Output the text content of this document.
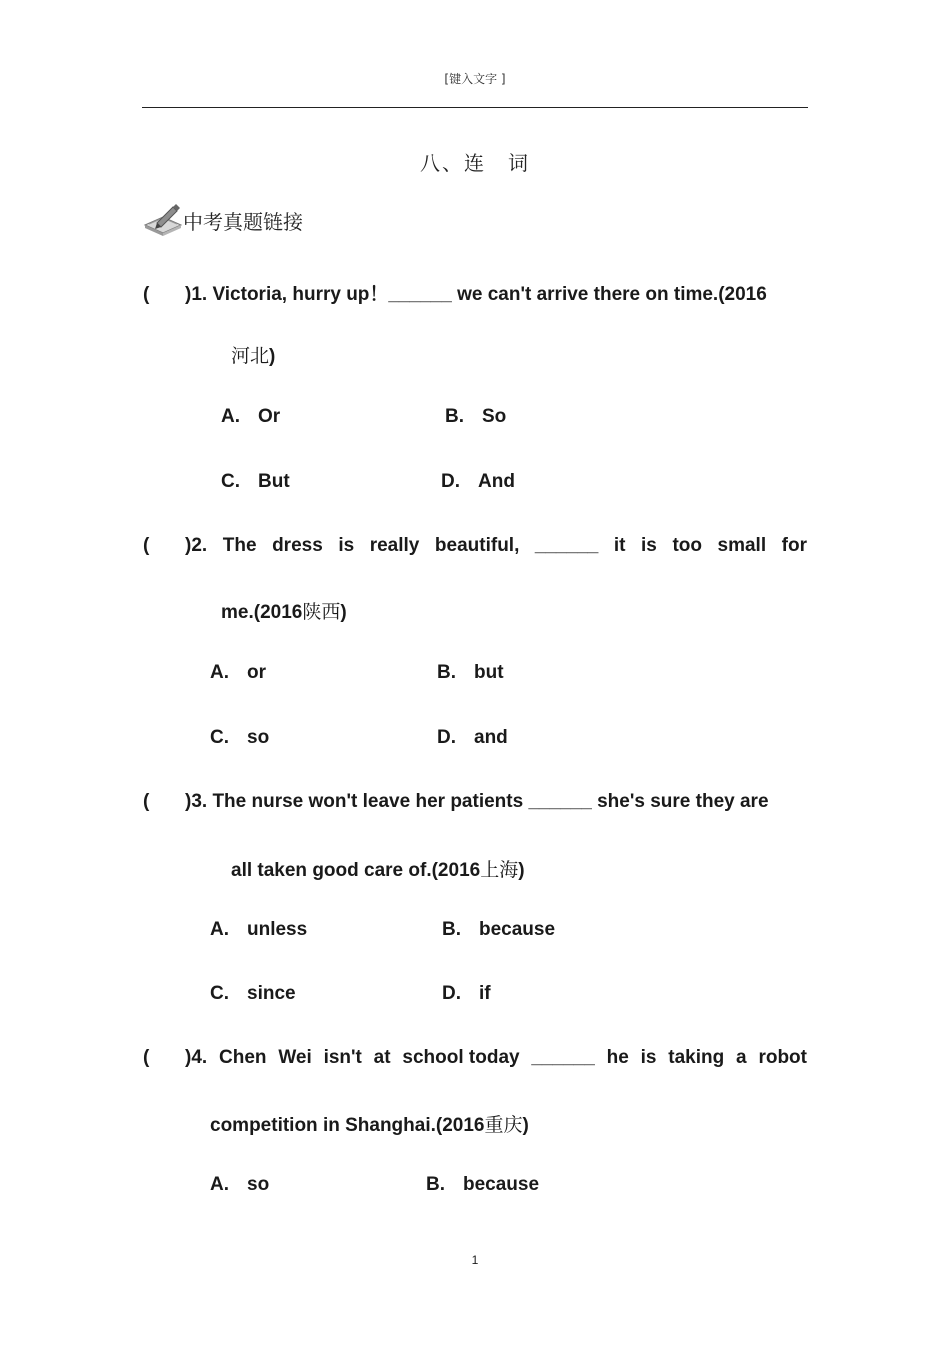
[键入文字 ]
八、连　词
中考真题链接
( )1. Victoria, hurry up！______ we can't arrive there on time.(2016
河北)
A. Or	B. So
C. But	D. And
(	)2. The dress is really beautiful, ______ it is too small for
me.(2016陕西)
A. or	B. but
C. so	D. and
( )3. The nurse won't leave her patients ______ she's sure they are
all taken good care of.(2016上海)
A. unless	B. because
C. since	D. if
(	)4. Chen Wei isn't at school today ______ he is taking a robot
competition in Shanghai.(2016重庆)
A. so	B. because
1
